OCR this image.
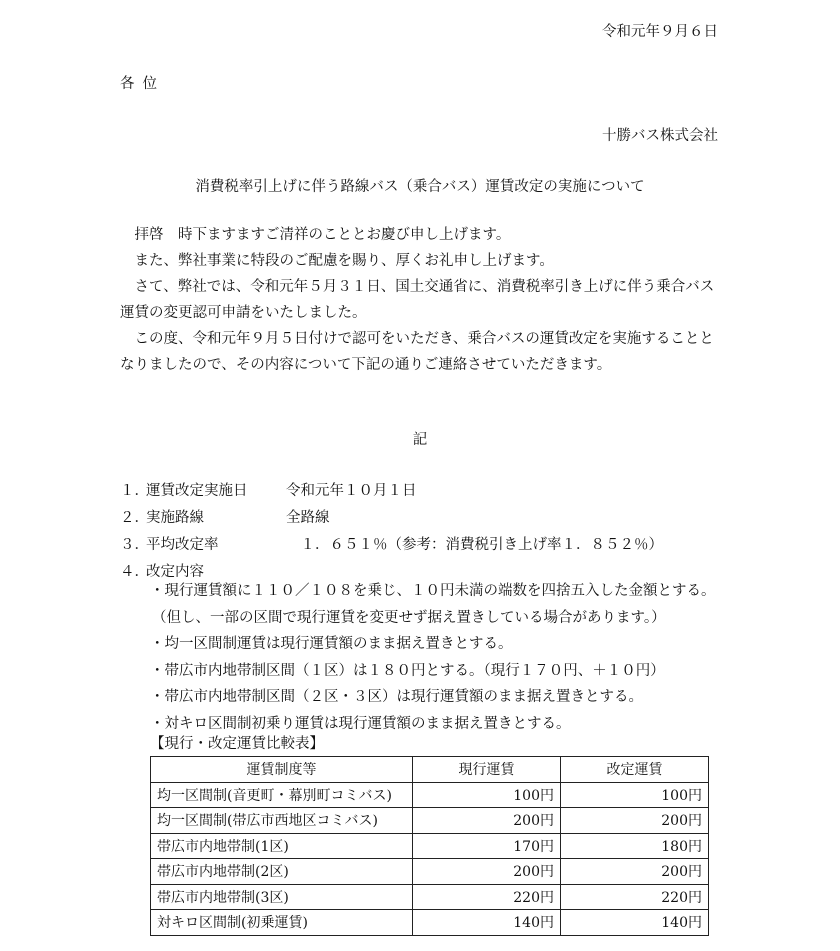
令和元年９月６日
各位
十勝バス株式会社
消費税率引上げに伴う路線バス（乗合バス）運賃改定の実施について

拝啓　時下ますますご清祥のこととお慶び申し上げます。

また、弊社事業に特段のご配慮を賜り、厚くお礼申し上げます。

さて、弊社では、令和元年５月３１日、国土交通省に、消費税率引き上げに伴う乗合バス運賃の変更認可申請をいたしました。

この度、令和元年９月５日付けで認可をいただき、乗合バスの運賃改定を実施することとなりましたので、その内容について下記の通りご連絡させていただきます。

記
１．
運賃改定実施日	令和元年１０月１日
２．
実施路線	全路線
３．
平均改定率	　１．６５１％（参考：消費税引き上げ率１．８５２％）
４．
改定内容
・現行運賃額に１１０／１０８を乗じ、１０円未満の端数を四捨五入した金額とする。
（但し、一部の区間で現行運賃を変更せず据え置きしている場合があります。）
・均一区間制運賃は現行運賃額のまま据え置きとする。
・帯広市内地帯制区間（１区）は１８０円とする。（現行１７０円、＋１０円）
・帯広市内地帯制区間（２区・３区）は現行運賃額のまま据え置きとする。
・対キロ区間制初乗り運賃は現行運賃額のまま据え置きとする。
【現行・改定運賃比較表】
運賃制度等	現行運賃	改定運賃
均一区間制(音更町・幕別町コミバス)	100円	100円
均一区間制(帯広市西地区コミバス)	200円	200円
帯広市内地帯制(1区)	170円	180円
帯広市内地帯制(2区)	200円	200円
帯広市内地帯制(3区)	220円	220円
対キロ区間制(初乗運賃)	140円	140円
